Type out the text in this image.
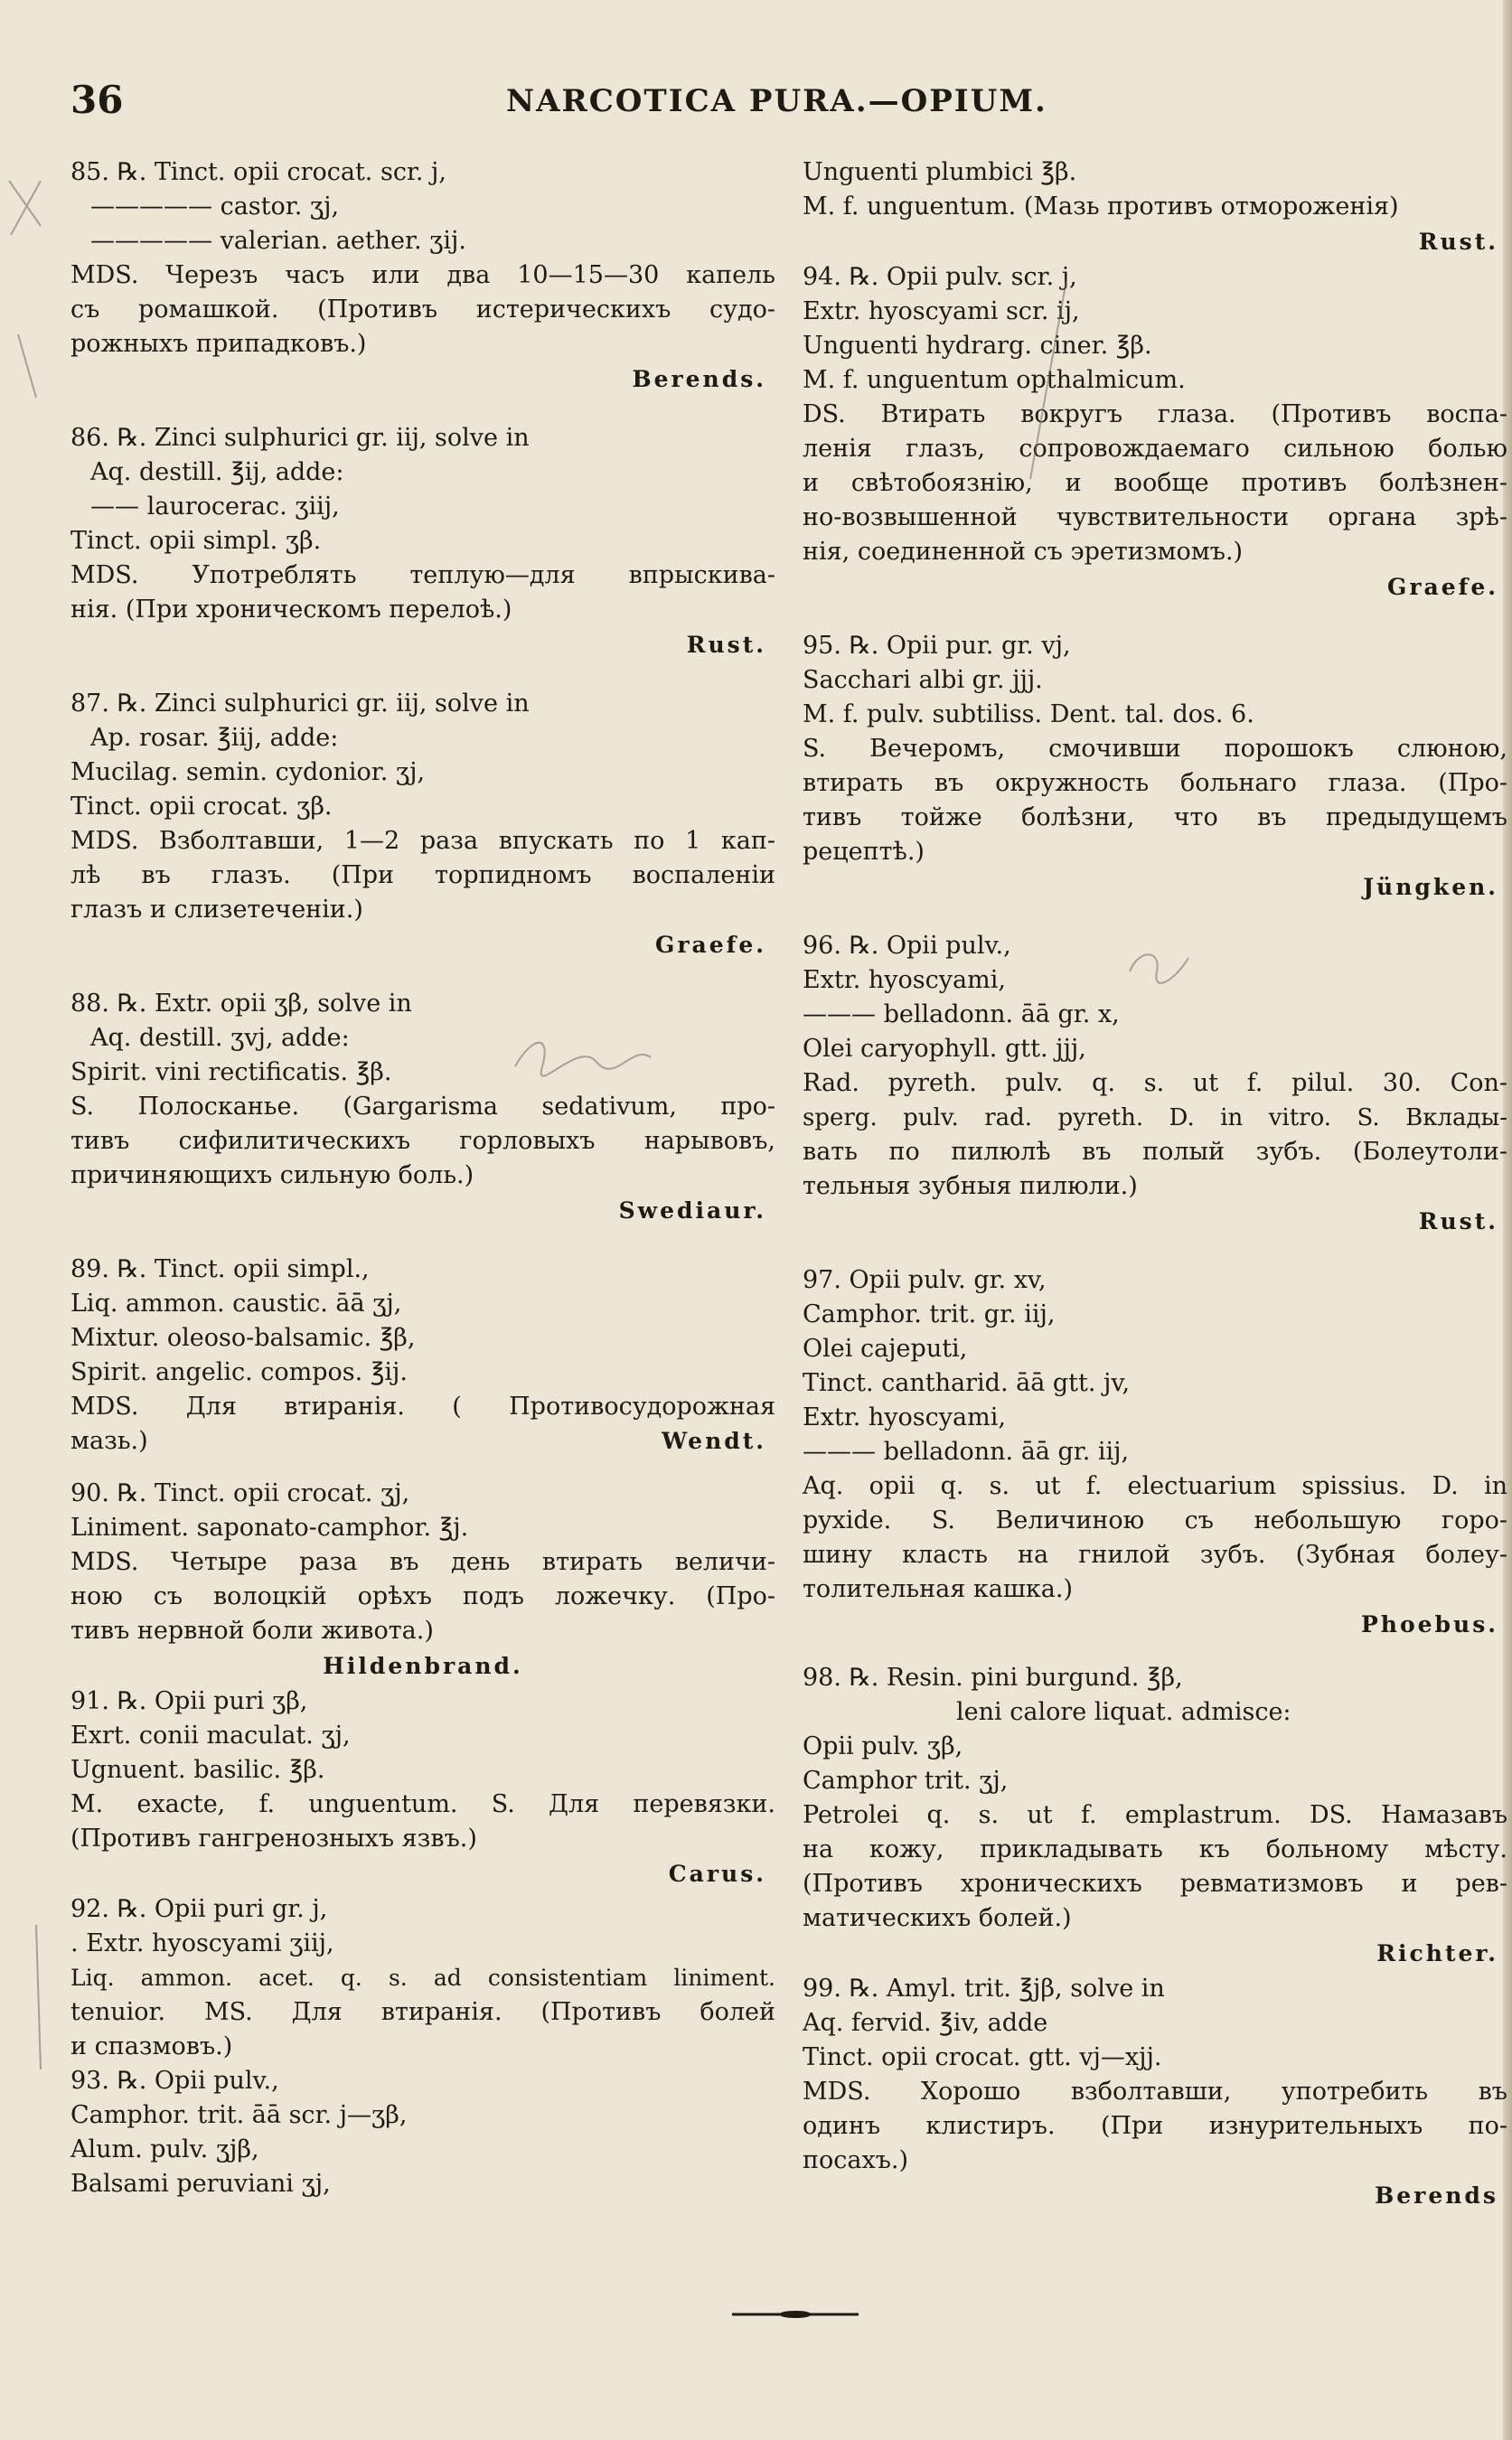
36	NARCOTICA PURA.—OPIUM.
85. ℞. Tinct. opii crocat. scr. j,
————— castor. ʒj,
————— valerian. aether. ʒij.
MDS. Черезъ часъ или два 10—15—30 капель
съ ромашкой. (Противъ истерическихъ судо-
рожныхъ припадковъ.)
Berends.
86. ℞. Zinci sulphurici gr. iij, solve in
Aq. destill. ℥ij, adde:
—— laurocerас. ʒiij,
Tinct. opii simpl. ʒβ.
MDS. Употреблять теплую—для впрыскива-
нія. (При хроническомъ перелоѣ.)
Rust.
87. ℞. Zinci sulphurici gr. iij, solve in
Ap. rosar. ℥iij, adde:
Mucilag. semin. cydonior. ʒj,
Tinct. opii crocat. ʒβ.
MDS. Взболтавши, 1—2 раза впускать по 1 кап-
лѣ въ глазъ. (При торпидномъ воспаленіи
глазъ и слизетеченіи.)
Graefe.
88. ℞. Extr. opii ʒβ, solve in
Aq. destill. ʒvj, adde:
Spirit. vini rectificatis. ℥β.
S. Полосканье. (Gargarisma sedativum, про-
тивъ сифилитическихъ горловыхъ нарывовъ,
причиняющихъ сильную боль.)
Swediaur.
89. ℞. Tinct. opii simpl.,
Liq. ammon. caustic. āā ʒj,
Mixtur. oleoso-balsamic. ℥β,
Spirit. angelic. compos. ℥ij.
MDS. Для втиранія. ( Противосудорожная
мазь.)	Wendt.
90. ℞. Tinct. opii crocat. ʒj,
Liniment. saponato-camphor. ℥j.
MDS. Четыре раза въ день втирать величи-
ною съ волоцкій орѣхъ подъ ложечку. (Про-
тивъ нервной боли живота.)
Hildenbrand.
91. ℞. Opii puri ʒβ,
Exrt. conii maculat. ʒj,
Ugnuent. basilic. ℥β.
M. exacte, f. unguentum. S. Для перевязки.
(Противъ гангренозныхъ язвъ.)
Carus.
92. ℞. Opii puri gr. j,
. Extr. hyoscyami ʒiij,
Liq. ammon. acet. q. s. ad consistentiam liniment.
tenuior. MS. Для втиранія. (Противъ болей
и спазмовъ.)
93. ℞. Opii pulv.,
Camphor. trit. āā scr. j—ʒβ,
Alum. pulv. ʒjβ,
Balsami peruviani ʒj,
Unguenti plumbici ℥β.
M. f. unguentum. (Мазь противъ отмороженія)
Rust.
94. ℞. Opii pulv. scr. j,
Extr. hyoscyami scr. ij,
Unguenti hydrarg. ciner. ℥β.
M. f. unguentum opthalmicum.
DS. Втирать вокругъ глаза. (Противъ воспа-
ленія глазъ, сопровождаемаго сильною болью
и свѣтобоязнію, и вообще противъ болѣзнен-
но-возвышенной чувствительности органа зрѣ-
нія, соединенной съ эретизмомъ.)
Graefe.
95. ℞. Opii pur. gr. vj,
Sacchari albi gr. jjj.
M. f. pulv. subtiliss. Dent. tal. dos. 6.
S. Вечеромъ, смочивши порошокъ слюною,
втирать въ окружность больнаго глаза. (Про-
тивъ тойже болѣзни, что въ предыдущемъ
рецептѣ.)
Jüngken.
96. ℞. Opii pulv.,
Extr. hyoscyami,
——— belladonn. āā gr. x,
Olei caryophyll. gtt. jjj,
Rad. pyreth. pulv. q. s. ut f. pilul. 30. Con-
sperg. pulv. rad. pyreth. D. in vitro. S. Вклады-
вать по пилюлѣ въ полый зубъ. (Болеутоли-
тельныя зубныя пилюли.)
Rust.
97. Opii pulv. gr. xv,
Camphor. trit. gr. iij,
Olei cajeputi,
Tinct. cantharid. āā gtt. jv,
Extr. hyoscyami,
——— belladonn. āā gr. iij,
Aq. opii q. s. ut f. electuarium spissius. D. in
pyxide. S. Величиною съ небольшую горо-
шину класть на гнилой зубъ. (Зубная болеу-
толительная кашка.)
Phoebus.
98. ℞. Resin. pini burgund. ℥β,
leni calore liquat. admisce:
Opii pulv. ʒβ,
Camphor trit. ʒj,
Petrolei q. s. ut f. emplastrum. DS. Намазавъ
на кожу, прикладывать къ больному мѣсту.
(Противъ хроническихъ ревматизмовъ и рев-
матическихъ болей.)
Richter.
99. ℞. Amyl. trit. ℥jβ, solve in
Aq. fervid. ℥iv, adde
Tinct. opii crocat. gtt. vj—xjj.
MDS. Хорошо взболтавши, употребить въ
одинъ клистиръ. (При изнурительныхъ по-
посахъ.)
Berends
